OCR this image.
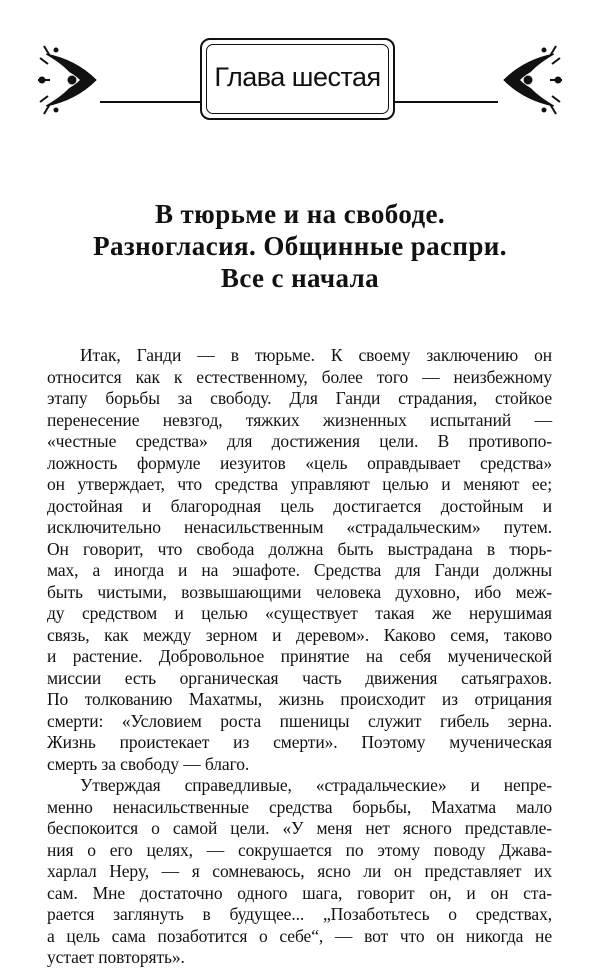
Глава шестая
В тюрьме и на свободе.
Разногласия. Общинные распри.
Все с начала
Итак, Ганди — в тюрьме. К своему заключению он
относится как к естественному, более того — неизбежному
этапу борьбы за свободу. Для Ганди страдания, стойкое
перенесение невзгод, тяжких жизненных испытаний —
«честные средства» для достижения цели. В противопо-
ложность формуле иезуитов «цель оправдывает средства»
он утверждает, что средства управляют целью и меняют ее;
достойная и благородная цель достигается достойным и
исключительно ненасильственным «страдальческим» путем.
Он говорит, что свобода должна быть выстрадана в тюрь-
мах, а иногда и на эшафоте. Средства для Ганди должны
быть чистыми, возвышающими человека духовно, ибо меж-
ду средством и целью «существует такая же нерушимая
связь, как между зерном и деревом». Каково семя, таково
и растение. Добровольное принятие на себя мученической
миссии есть органическая часть движения сатьяграхов.
По толкованию Махатмы, жизнь происходит из отрицания
смерти: «Условием роста пшеницы служит гибель зерна.
Жизнь проистекает из смерти». Поэтому мученическая
смерть за свободу — благо.
Утверждая справедливые, «страдальческие» и непре-
менно ненасильственные средства борьбы, Махатма мало
беспокоится о самой цели. «У меня нет ясного представле-
ния о его целях, — сокрушается по этому поводу Джава-
харлал Неру, — я сомневаюсь, ясно ли он представляет их
сам. Мне достаточно одного шага, говорит он, и он ста-
рается заглянуть в будущее... „Позаботьтесь о средствах,
а цель сама позаботится о себе“, — вот что он никогда не
устает повторять».
